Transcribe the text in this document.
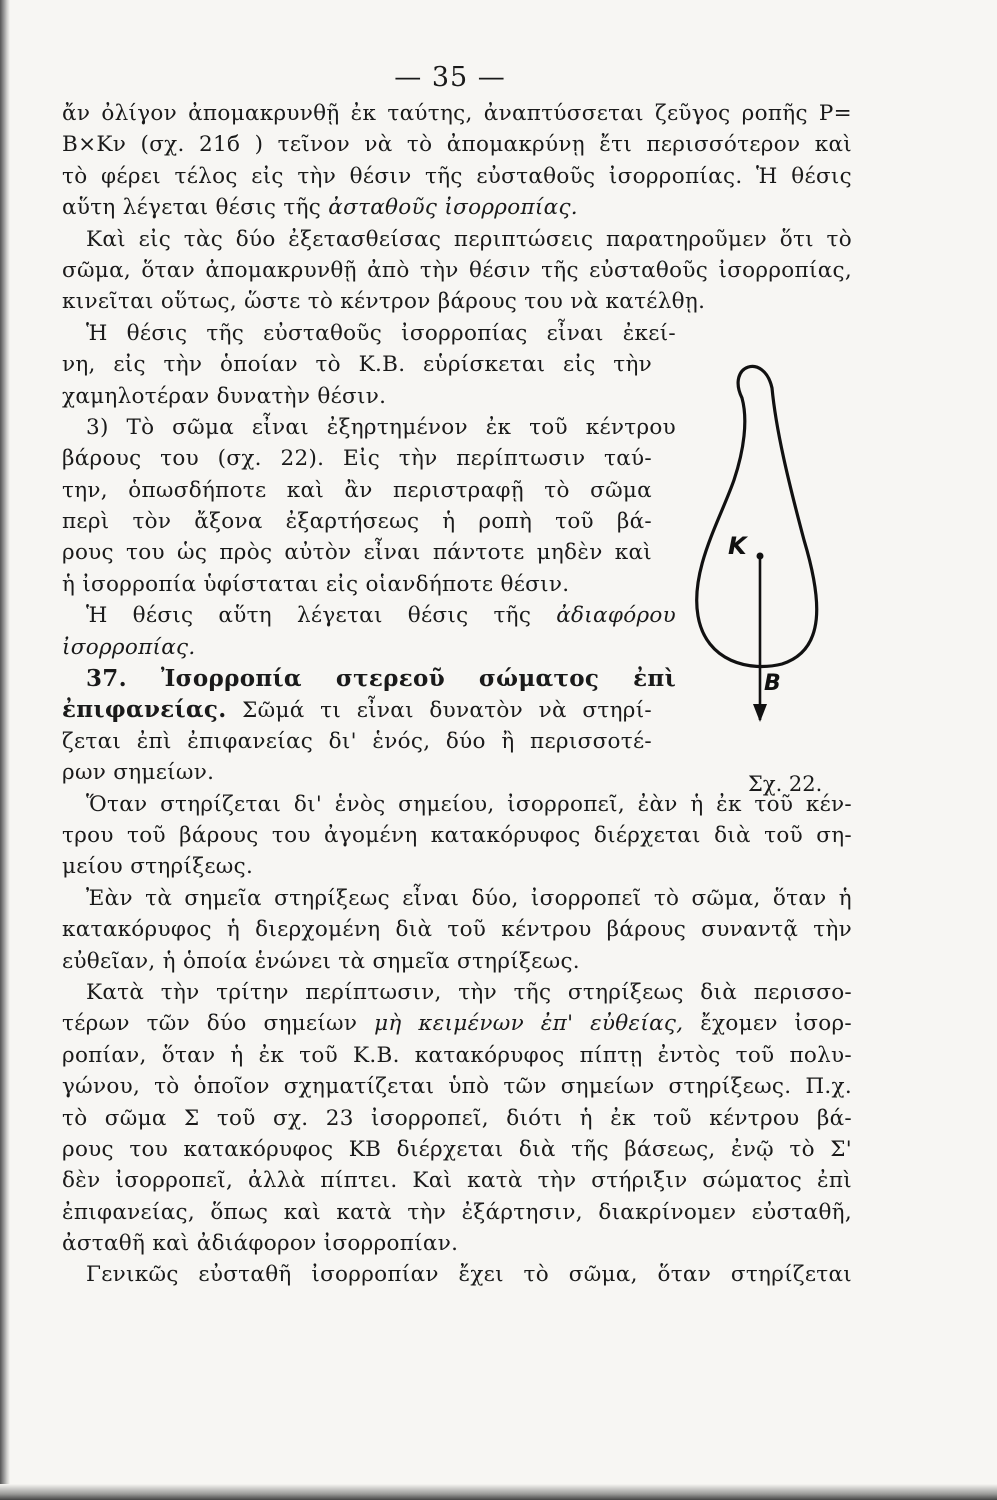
— 35 —
ἄν ὀλίγον ἀπομακρυνθῇ ἐκ ταύτης, ἀναπτύσσεται ζεῦγος ροπῆς P=
B×Kν (σχ. 21б ) τεῖνον νὰ τὸ ἀπομακρύνῃ ἔτι περισσότερον καὶ
τὸ φέρει τέλος εἰς τὴν θέσιν τῆς εὐσταθοῦς ἰσορροπίας. Ἡ θέσις
αὕτη λέγεται θέσις τῆς ἀσταθοῦς ἰσορροπίας.
Καὶ εἰς τὰς δύο ἐξετασθείσας περιπτώσεις παρατηροῦμεν ὅτι τὸ
σῶμα, ὅταν ἀπομακρυνθῇ ἀπὸ τὴν θέσιν τῆς εὐσταθοῦς ἰσορροπίας,
κινεῖται οὕτως, ὥστε τὸ κέντρον βάρους του νὰ κατέλθῃ.
Ἡ θέσις τῆς εὐσταθοῦς ἰσορροπίας εἶναι ἐκεί-
νη, εἰς τὴν ὁποίαν τὸ Κ.Β. εὑρίσκεται εἰς τὴν
χαμηλοτέραν δυνατὴν θέσιν.
3) Τὸ σῶμα εἶναι ἐξηρτημένον ἐκ τοῦ κέντρου
βάρους του (σχ. 22). Εἰς τὴν περίπτωσιν ταύ-
την, ὁπωσδήποτε καὶ ἂν περιστραφῇ τὸ σῶμα
περὶ τὸν ἄξονα ἐξαρτήσεως ἡ ροπὴ τοῦ βά-
ρους του ὡς πρὸς αὐτὸν εἶναι πάντοτε μηδὲν καὶ
ἡ ἰσορροπία ὑφίσταται εἰς οἱανδήποτε θέσιν.
Ἡ θέσις αὕτη λέγεται θέσις τῆς ἀδιαφόρου
ἰσορροπίας.
37. Ἰσορροπία στερεοῦ σώματος ἐπὶ
ἐπιφανείας. Σῶμά τι εἶναι δυνατὸν νὰ στηρί-
ζεται ἐπὶ ἐπιφανείας δι' ἑνός, δύο ἢ περισσοτέ-
ρων σημείων.
Ὅταν στηρίζεται δι' ἑνὸς σημείου, ἰσορροπεῖ, ἐὰν ἡ ἐκ τοῦ κέν-
τρου τοῦ βάρους του ἀγομένη κατακόρυφος διέρχεται διὰ τοῦ ση-
μείου στηρίξεως.
Ἐὰν τὰ σημεῖα στηρίξεως εἶναι δύο, ἰσορροπεῖ τὸ σῶμα, ὅταν ἡ
κατακόρυφος ἡ διερχομένη διὰ τοῦ κέντρου βάρους συναντᾷ τὴν
εὐθεῖαν, ἡ ὁποία ἑνώνει τὰ σημεῖα στηρίξεως.
Κατὰ τὴν τρίτην περίπτωσιν, τὴν τῆς στηρίξεως διὰ περισσο-
τέρων τῶν δύο σημείων μὴ κειμένων ἐπ' εὐθείας, ἔχομεν ἰσορ-
ροπίαν, ὅταν ἡ ἐκ τοῦ Κ.Β. κατακόρυφος πίπτῃ ἐντὸς τοῦ πολυ-
γώνου, τὸ ὁποῖον σχηματίζεται ὑπὸ τῶν σημείων στηρίξεως. Π.χ.
τὸ σῶμα Σ τοῦ σχ. 23 ἰσορροπεῖ, διότι ἡ ἐκ τοῦ κέντρου βά-
ρους του κατακόρυφος ΚΒ διέρχεται διὰ τῆς βάσεως, ἐνῷ τὸ Σ'
δὲν ἰσορροπεῖ, ἀλλὰ πίπτει. Καὶ κατὰ τὴν στήριξιν σώματος ἐπὶ
ἐπιφανείας, ὅπως καὶ κατὰ τὴν ἐξάρτησιν, διακρίνομεν εὐσταθῆ,
ἀσταθῆ καὶ ἀδιάφορον ἰσορροπίαν.
Γενικῶς εὐσταθῆ ἰσορροπίαν ἔχει τὸ σῶμα, ὅταν στηρίζεται
K
B
Σχ. 22.
